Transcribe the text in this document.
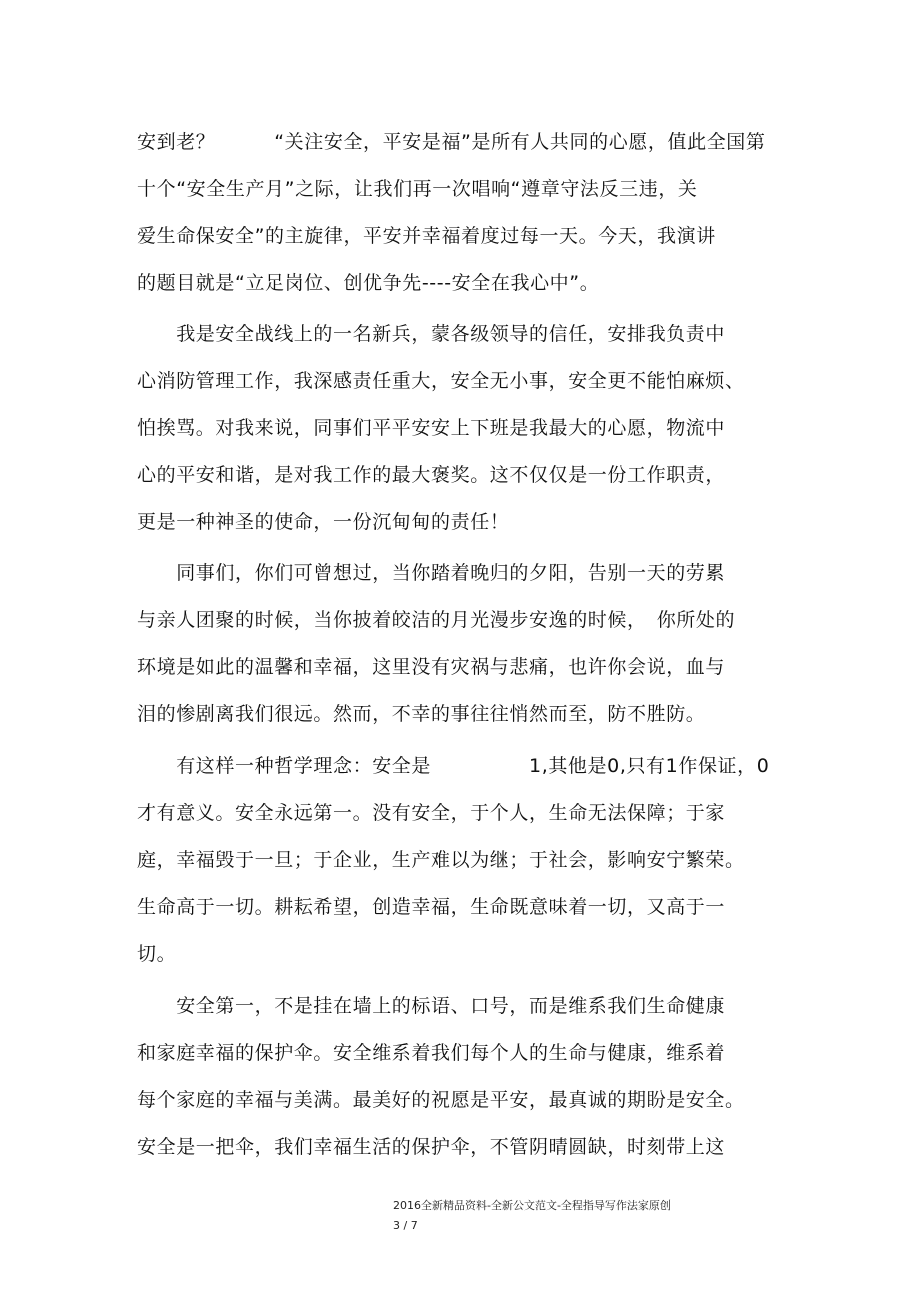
安到老？　　　“关注安全，平安是福”是所有人共同的心愿，值此全国第
十个“安全生产月”之际，让我们再一次唱响“遵章守法反三违，关
爱生命保安全”的主旋律，平安并幸福着度过每一天。今天，我演讲
的题目就是“立足岗位、创优争先----安全在我心中”。
　　我是安全战线上的一名新兵，蒙各级领导的信任，安排我负责中
心消防管理工作，我深感责任重大，安全无小事，安全更不能怕麻烦、
怕挨骂。对我来说，同事们平平安安上下班是我最大的心愿，物流中
心的平安和谐，是对我工作的最大褒奖。这不仅仅是一份工作职责，
更是一种神圣的使命，一份沉甸甸的责任！
　　同事们，你们可曾想过，当你踏着晚归的夕阳，告别一天的劳累
与亲人团聚的时候，当你披着皎洁的月光漫步安逸的时候，　你所处的
环境是如此的温馨和幸福，这里没有灾祸与悲痛，也许你会说，血与
泪的惨剧离我们很远。然而，不幸的事往往悄然而至，防不胜防。
　　有这样一种哲学理念：安全是　　　　　1,其他是0,只有1作保证，0
才有意义。安全永远第一。没有安全，于个人，生命无法保障；于家
庭，幸福毁于一旦；于企业，生产难以为继；于社会，影响安宁繁荣。
生命高于一切。耕耘希望，创造幸福，生命既意味着一切，又高于一
切。
　　安全第一，不是挂在墙上的标语、口号，而是维系我们生命健康
和家庭幸福的保护伞。安全维系着我们每个人的生命与健康，维系着
每个家庭的幸福与美满。最美好的祝愿是平安，最真诚的期盼是安全。
安全是一把伞，我们幸福生活的保护伞，不管阴晴圆缺，时刻带上这
2016全新精品资料-全新公文范文-全程指导写作法家原创
3 / 7
